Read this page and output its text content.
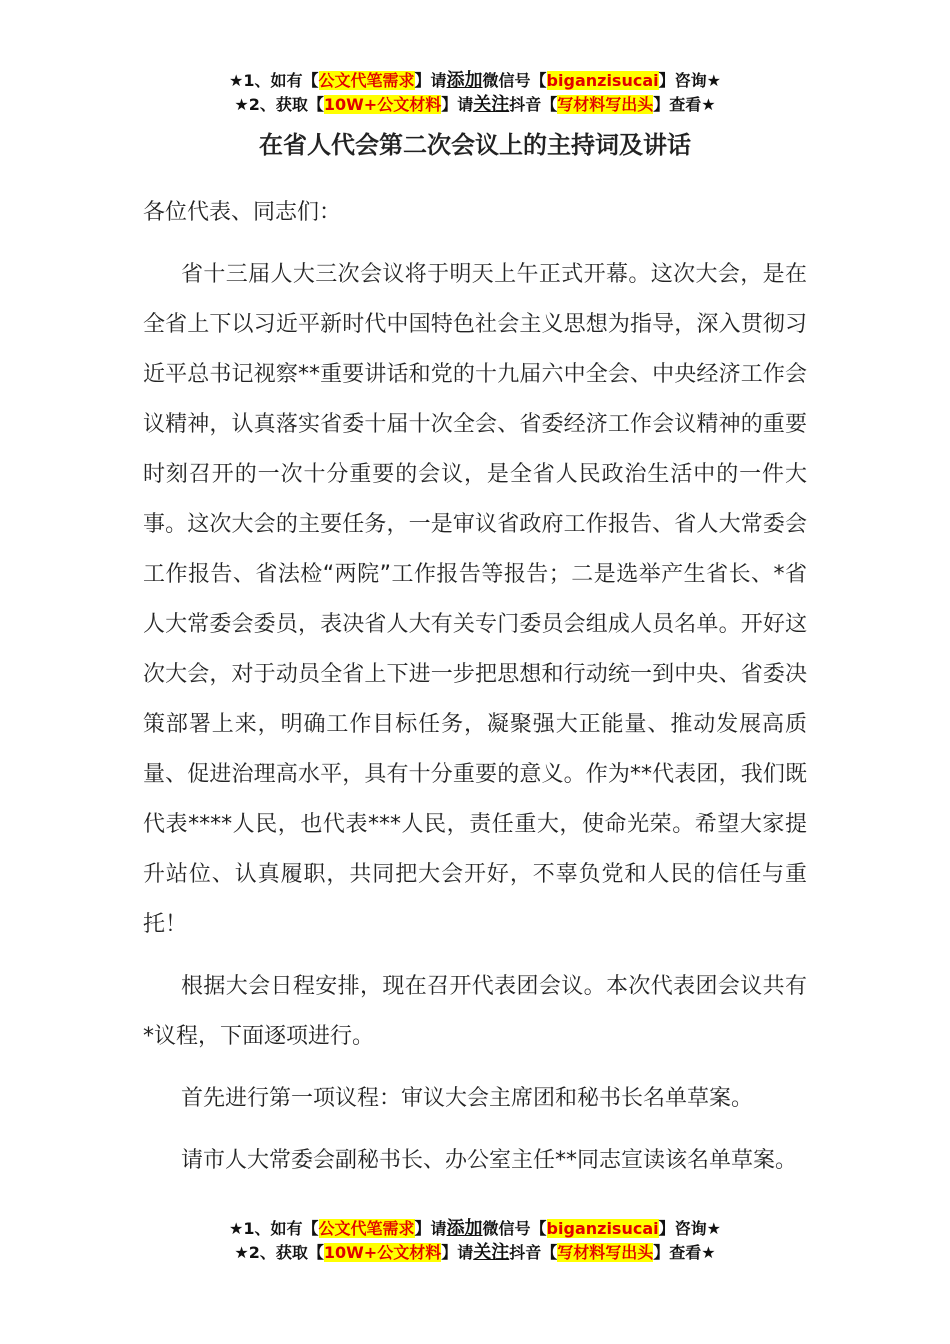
★1、如有【公文代笔需求】请添加微信号【biganzisucai】咨询★
★2、获取【10W+公文材料】请关注抖音【写材料写出头】查看★
在省人代会第二次会议上的主持词及讲话

各位代表、同志们：

省十三届人大三次会议将于明天上午正式开幕。这次大会，是在全省上下以习近平新时代中国特色社会主义思想为指导，深入贯彻习近平总书记视察**重要讲话和党的十九届六中全会、中央经济工作会议精神，认真落实省委十届十次全会、省委经济工作会议精神的重要时刻召开的一次十分重要的会议，是全省人民政治生活中的一件大事。这次大会的主要任务，一是审议省政府工作报告、省人大常委会工作报告、省法检“两院”工作报告等报告；二是选举产生省长、*省人大常委会委员，表决省人大有关专门委员会组成人员名单。开好这次大会，对于动员全省上下进一步把思想和行动统一到中央、省委决策部署上来，明确工作目标任务，凝聚强大正能量、推动发展高质量、促进治理高水平，具有十分重要的意义。作为**代表团，我们既代表****人民，也代表***人民，责任重大，使命光荣。希望大家提升站位、认真履职，共同把大会开好，不辜负党和人民的信任与重托！

根据大会日程安排，现在召开代表团会议。本次代表团会议共有*议程，下面逐项进行。

首先进行第一项议程：审议大会主席团和秘书长名单草案。

请市人大常委会副秘书长、办公室主任**同志宣读该名单草案。

★1、如有【公文代笔需求】请添加微信号【biganzisucai】咨询★
★2、获取【10W+公文材料】请关注抖音【写材料写出头】查看★
